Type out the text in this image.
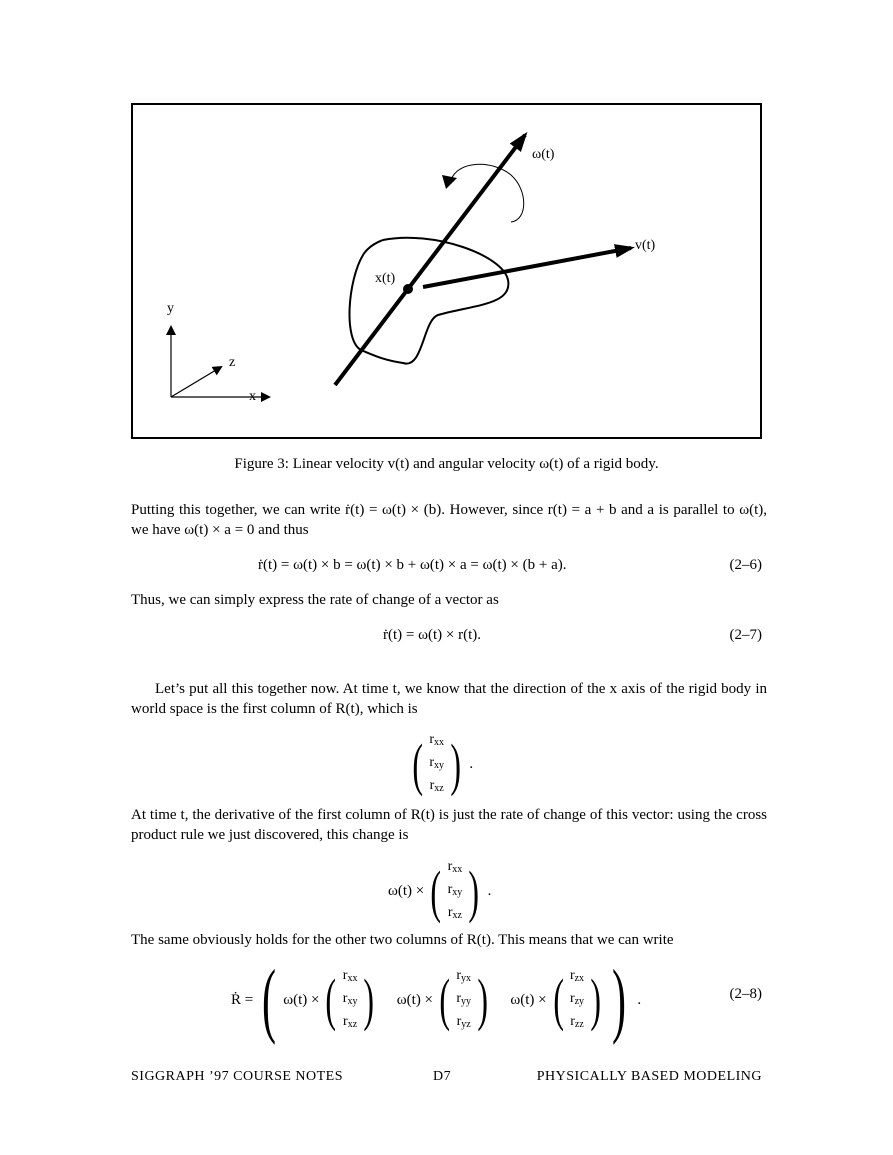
ω(t)
v(t)
x(t)
y
z
x
Figure 3: Linear velocity v(t) and angular velocity ω(t) of a rigid body.
Putting this together, we can write ṙ(t) = ω(t) × (b). However, since r(t) = a + b and a is parallel to ω(t), we have ω(t) × a = 0 and thus
ṙ(t) = ω(t) × b = ω(t) × b + ω(t) × a = ω(t) × (b + a).	(2–6)
Thus, we can simply express the rate of change of a vector as
ṙ(t) = ω(t) × r(t).	(2–7)
Let’s put all this together now. At time t, we know that the direction of the x axis of the rigid body in world space is the first column of R(t), which is
( $r_{xx}$
$r_{xy}$
$r_{xz}$ ) .
At time t, the derivative of the first column of R(t) is just the rate of change of this vector: using the cross product rule we just discovered, this change is
ω(t) × ( $r_{xx}$
$r_{xy}$
$r_{xz}$ ) .
The same obviously holds for the other two columns of R(t). This means that we can write
Ṙ = ( ω(t) × ( $r_{xx}$
$r_{xy}$
$r_{xz}$ ) ω(t) × ( $r_{yx}$
$r_{yy}$
$r_{yz}$ ) ω(t) × ( $r_{zx}$
$r_{zy}$
$r_{zz}$ ) ) .	(2–8)
SIGGRAPH ’97 COURSE NOTES	D7	PHYSICALLY BASED MODELING
